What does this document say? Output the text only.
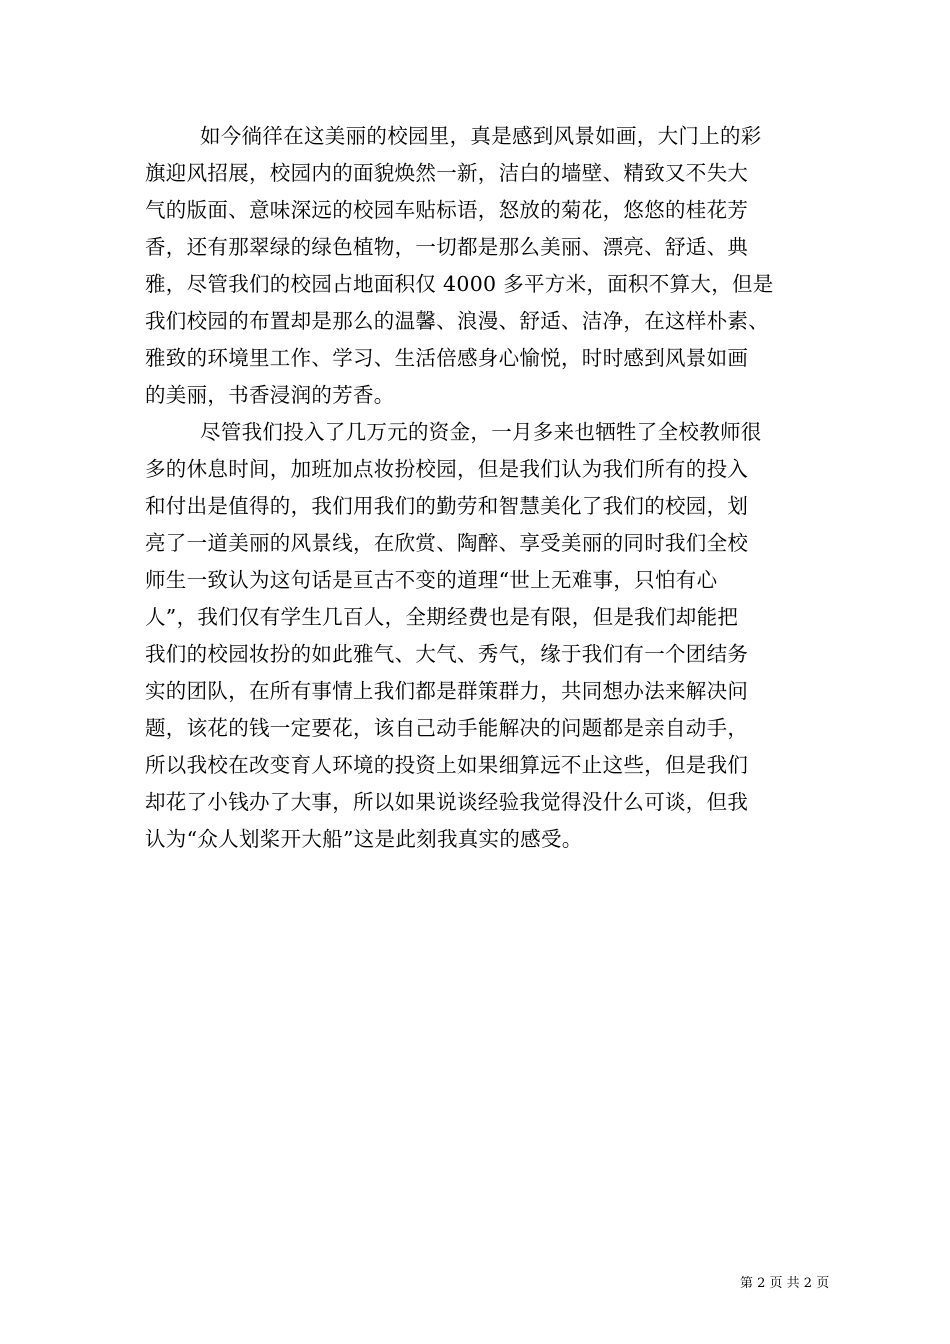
如今徜徉在这美丽的校园里，真是感到风景如画，大门上的彩
旗迎风招展，校园内的面貌焕然一新，洁白的墙壁、精致又不失大
气的版面、意味深远的校园车贴标语，怒放的菊花，悠悠的桂花芳
香，还有那翠绿的绿色植物，一切都是那么美丽、漂亮、舒适、典
雅，尽管我们的校园占地面积仅 4000 多平方米，面积不算大，但是
我们校园的布置却是那么的温馨、浪漫、舒适、洁净，在这样朴素、
雅致的环境里工作、学习、生活倍感身心愉悦，时时感到风景如画
的美丽，书香浸润的芳香。
尽管我们投入了几万元的资金，一月多来也牺牲了全校教师很
多的休息时间，加班加点妆扮校园，但是我们认为我们所有的投入
和付出是值得的，我们用我们的勤劳和智慧美化了我们的校园，划
亮了一道美丽的风景线，在欣赏、陶醉、享受美丽的同时我们全校
师生一致认为这句话是亘古不变的道理“世上无难事，只怕有心
人”，我们仅有学生几百人，全期经费也是有限，但是我们却能把
我们的校园妆扮的如此雅气、大气、秀气，缘于我们有一个团结务
实的团队，在所有事情上我们都是群策群力，共同想办法来解决问
题，该花的钱一定要花，该自己动手能解决的问题都是亲自动手，
所以我校在改变育人环境的投资上如果细算远不止这些，但是我们
却花了小钱办了大事，所以如果说谈经验我觉得没什么可谈，但我
认为“众人划桨开大船”这是此刻我真实的感受。
第 2 页 共 2 页
